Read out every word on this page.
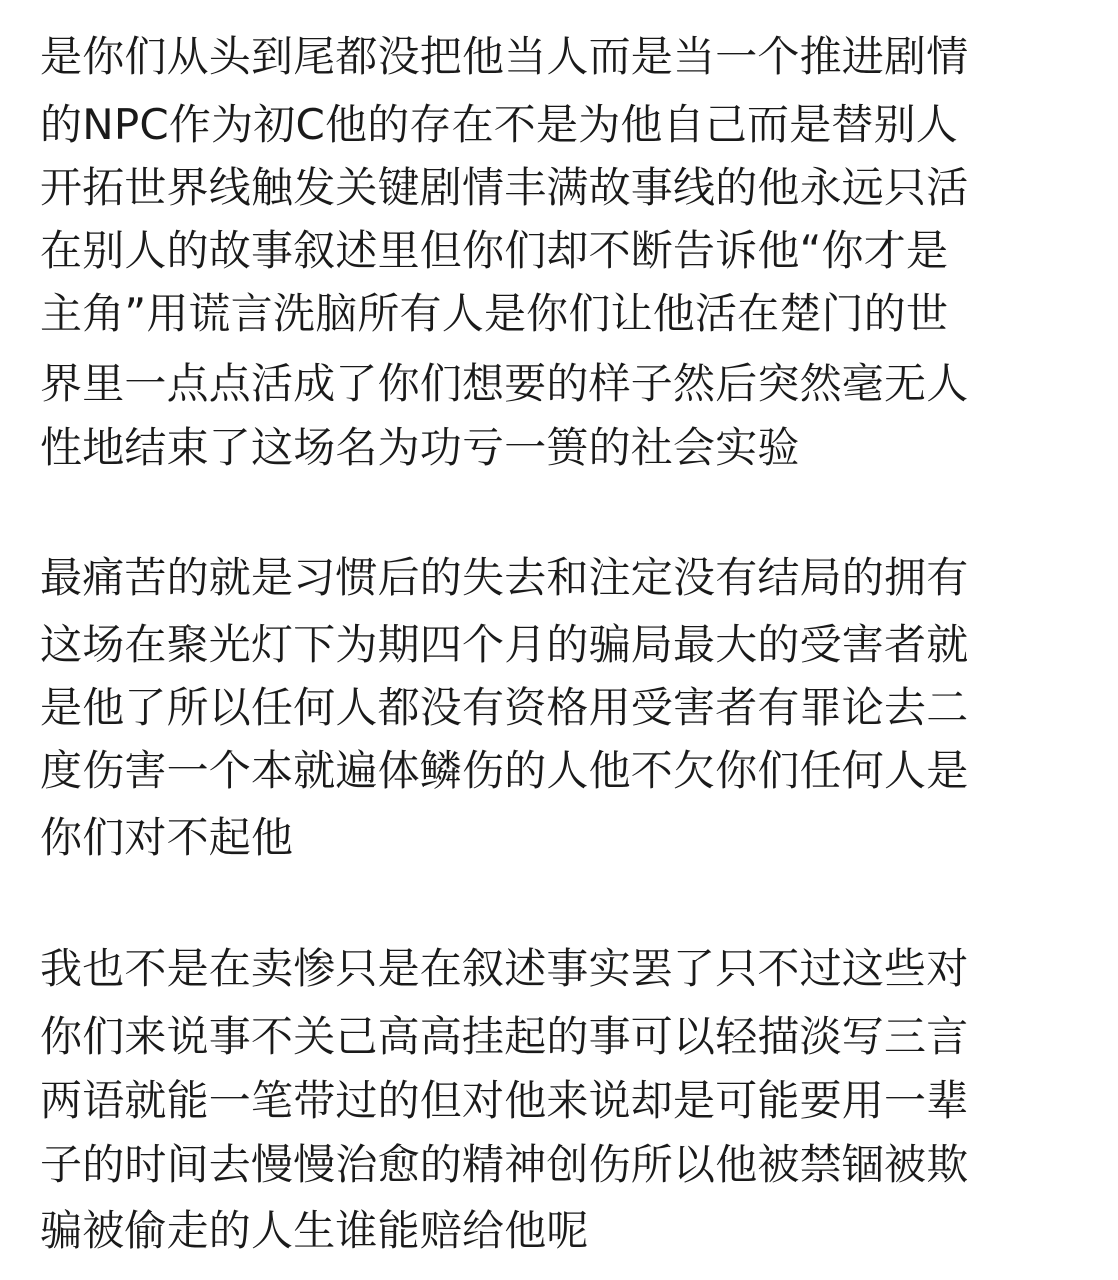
是你们从头到尾都没把他当人而是当一个推进剧情
的NPC作为初C他的存在不是为他自己而是替别人
开拓世界线触发关键剧情丰满故事线的他永远只活
在别人的故事叙述里但你们却不断告诉他“你才是
主角”用谎言洗脑所有人是你们让他活在楚门的世
界里一点点活成了你们想要的样子然后突然毫无人
性地结束了这场名为功亏一篑的社会实验
最痛苦的就是习惯后的失去和注定没有结局的拥有
这场在聚光灯下为期四个月的骗局最大的受害者就
是他了所以任何人都没有资格用受害者有罪论去二
度伤害一个本就遍体鳞伤的人他不欠你们任何人是
你们对不起他
我也不是在卖惨只是在叙述事实罢了只不过这些对
你们来说事不关己高高挂起的事可以轻描淡写三言
两语就能一笔带过的但对他来说却是可能要用一辈
子的时间去慢慢治愈的精神创伤所以他被禁锢被欺
骗被偷走的人生谁能赔给他呢
